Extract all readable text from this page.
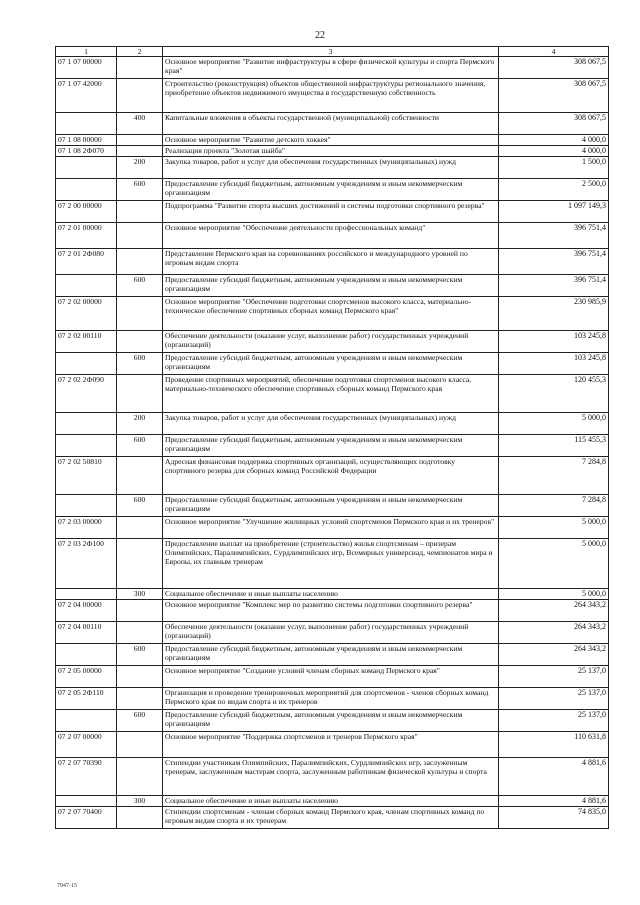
22
1	2	3	4
07 1 07 00000		Основное мероприятие "Развитие инфраструктуры в сфере физической культуры и спорта Пермского края"	308 067,5
07 1 07 42000		Строительство (реконструкция) объектов общественной инфраструктуры регионального значения, приобретение объектов недвижимого имущества в государственную собственность	308 067,5
	400	Капитальные вложения в объекты государственной (муниципальной) собственности	308 067,5
07 1 08 00000		Основное мероприятие "Развитие детского хоккея"	4 000,0
07 1 08 2Ф070		Реализация проекта "Золотая шайба"	4 000,0
	200	Закупка товаров, работ и услуг для обеспечения государственных (муниципальных) нужд	1 500,0
	600	Предоставление субсидий бюджетным, автономным учреждениям и иным некоммерческим организациям	2 500,0
07 2 00 00000		Подпрограмма "Развитие спорта высших достижений и системы подготовки спортивного резерва"	1 097 149,3
07 2 01 00000		Основное мероприятие "Обеспечение деятельности профессиональных команд"	396 751,4
07 2 01 2Ф080		Представление Пермского края на соревнованиях российского и международного уровней по игровым видам спорта	396 751,4
	600	Предоставление субсидий бюджетным, автономным учреждениям и иным некоммерческим организациям	396 751,4
07 2 02 00000		Основное мероприятие "Обеспечение подготовки спортсменов высокого класса, материально-техническое обеспечение спортивных сборных команд Пермского края"	230 985,9
07 2 02 00110		Обеспечение деятельности (оказание услуг, выполнение работ) государственных учреждений (организаций)	103 245,8
	600	Предоставление субсидий бюджетным, автономным учреждениям и иным некоммерческим организациям	103 245,8
07 2 02 2Ф090		Проведение спортивных мероприятий, обеспечение подготовки спортсменов высокого класса, материально-технического обеспечение спортивных сборных команд Пермского края	120 455,3
	200	Закупка товаров, работ и услуг для обеспечения государственных (муниципальных) нужд	5 000,0
	600	Предоставление субсидий бюджетным, автономным учреждениям и иным некоммерческим организациям	115 455,3
07 2 02 50810		Адресная финансовая поддержка спортивных организаций, осуществляющих подготовку спортивного резерва для сборных команд Российской Федерации	7 284,8
	600	Предоставление субсидий бюджетным, автономным учреждениям и иным некоммерческим организациям	7 284,8
07 2 03 00000		Основное мероприятие "Улучшение жилищных условий спортсменов Пермского края и их тренеров"	5 000,0
07 2 03 2Ф100		Предоставление выплат на приобретение (строительство) жилья спортсменам – призерам Олимпийских, Паралимпийских, Сурдлимпийских игр, Всемирных универсиад, чемпионатов мира и Европы, их главным тренерам	5 000,0
	300	Социальное обеспечение и иные выплаты населению	5 000,0
07 2 04 00000		Основное мероприятие "Комплекс мер по развитию системы подготовки спортивного резерва"	264 343,2
07 2 04 00110		Обеспечение деятельности (оказание услуг, выполнение работ) государственных учреждений (организаций)	264 343,2
	600	Предоставление субсидий бюджетным, автономным учреждениям и иным некоммерческим организациям	264 343,2
07 2 05 00000		Основное мероприятие "Создание условий членам сборных команд Пермского края"	25 137,0
07 2 05 2Ф110		Организация и проведение тренировочных мероприятий для спортсменов - членов сборных команд Пермского края по видам спорта и их тренеров	25 137,0
	600	Предоставление субсидий бюджетным, автономным учреждениям и иным некоммерческим организациям	25 137,0
07 2 07 00000		Основное мероприятие "Поддержка спортсменов и тренеров Пермского края"	110 631,8
07 2 07 70390		Стипендии участникам Олимпийских, Паралимпийских, Сурдлимпийских игр, заслуженным тренерам, заслуженным мастерам спорта, заслуженным работникам физической культуры и спорта	4 881,6
	300	Социальное обеспечение и иные выплаты населению	4 881,6
07 2 07 70400		Стипендии спортсменам - членам сборных команд Пермского края, членам спортивных команд по игровым видам спорта и их тренерам	74 835,0
7947-15
